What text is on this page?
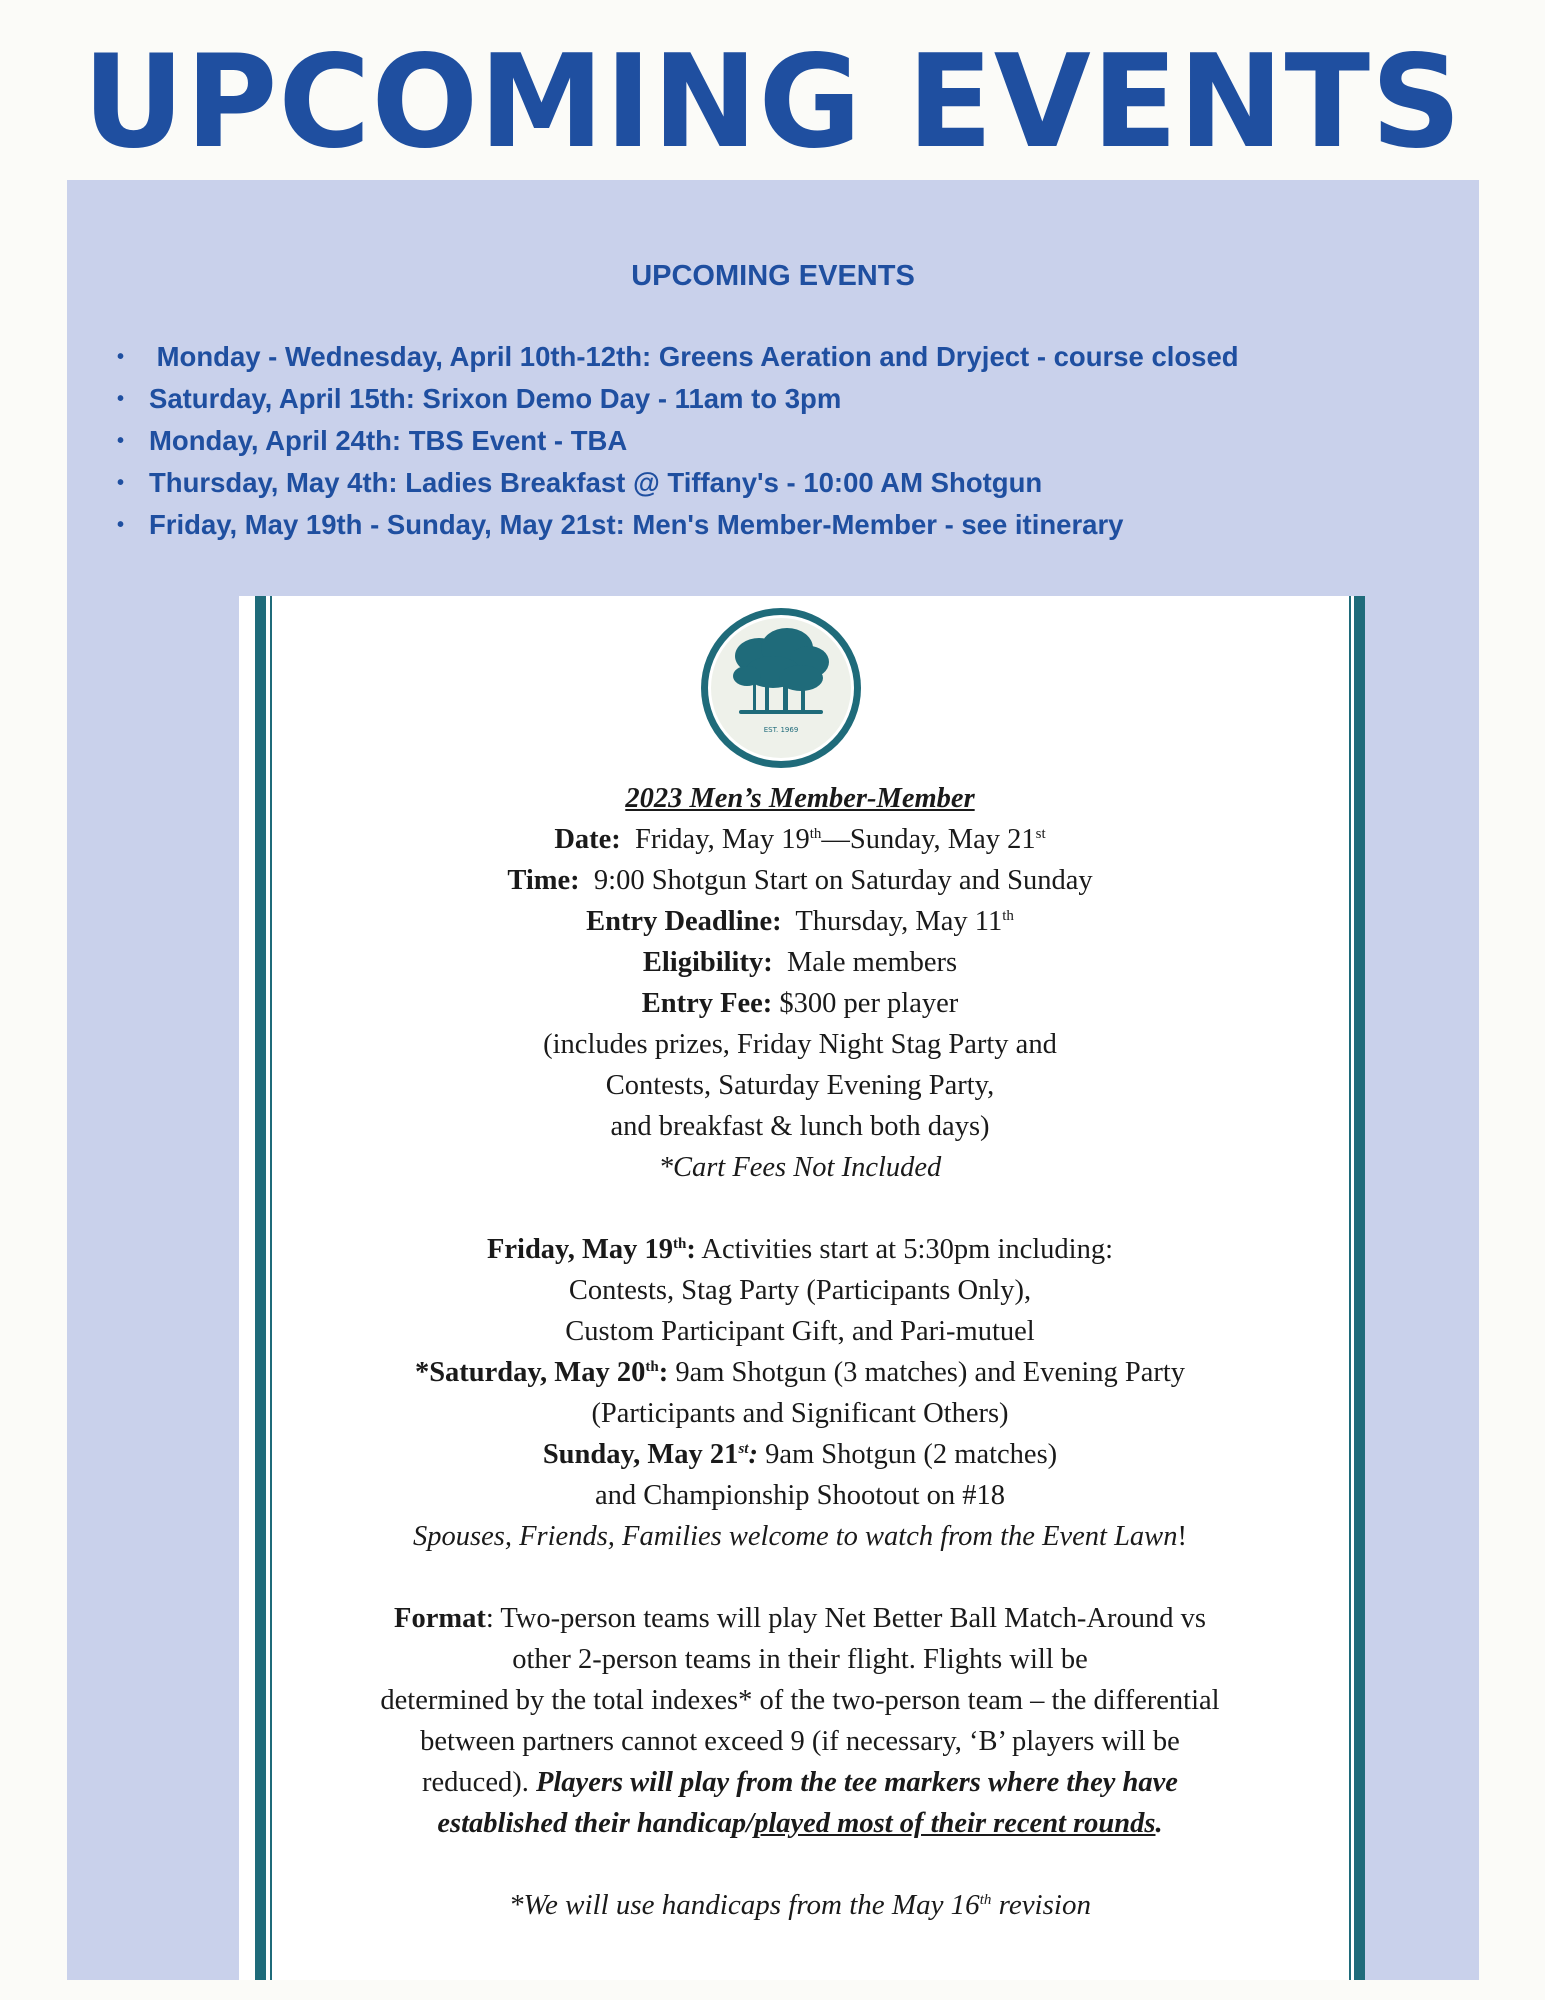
UPCOMING EVENTS
UPCOMING EVENTS
• Monday - Wednesday, April 10th-12th: Greens Aeration and Dryject - course closed
• Saturday, April 15th: Srixon Demo Day - 11am to 3pm
• Monday, April 24th: TBS Event - TBA
• Thursday, May 4th: Ladies Breakfast @ Tiffany's - 10:00 AM Shotgun
• Friday, May 19th - Sunday, May 21st: Men's Member-Member - see itinerary
EST. 1969
2023 Men’s Member-Member
Date: Friday, May 19th—Sunday, May 21st
Time: 9:00 Shotgun Start on Saturday and Sunday
Entry Deadline: Thursday, May 11th
Eligibility: Male members
Entry Fee: $300 per player
(includes prizes, Friday Night Stag Party and
Contests, Saturday Evening Party,
and breakfast & lunch both days)
*Cart Fees Not Included
Friday, May 19th: Activities start at 5:30pm including:
Contests, Stag Party (Participants Only),
Custom Participant Gift, and Pari-mutuel
*Saturday, May 20th: 9am Shotgun (3 matches) and Evening Party
(Participants and Significant Others)
Sunday, May 21st: 9am Shotgun (2 matches)
and Championship Shootout on #18
Spouses, Friends, Families welcome to watch from the Event Lawn!
Format: Two-person teams will play Net Better Ball Match-Around vs
other 2-person teams in their flight. Flights will be
determined by the total indexes* of the two-person team – the differential
between partners cannot exceed 9 (if necessary, ‘B’ players will be
reduced). Players will play from the tee markers where they have
established their handicap/played most of their recent rounds.
*We will use handicaps from the May 16th revision
